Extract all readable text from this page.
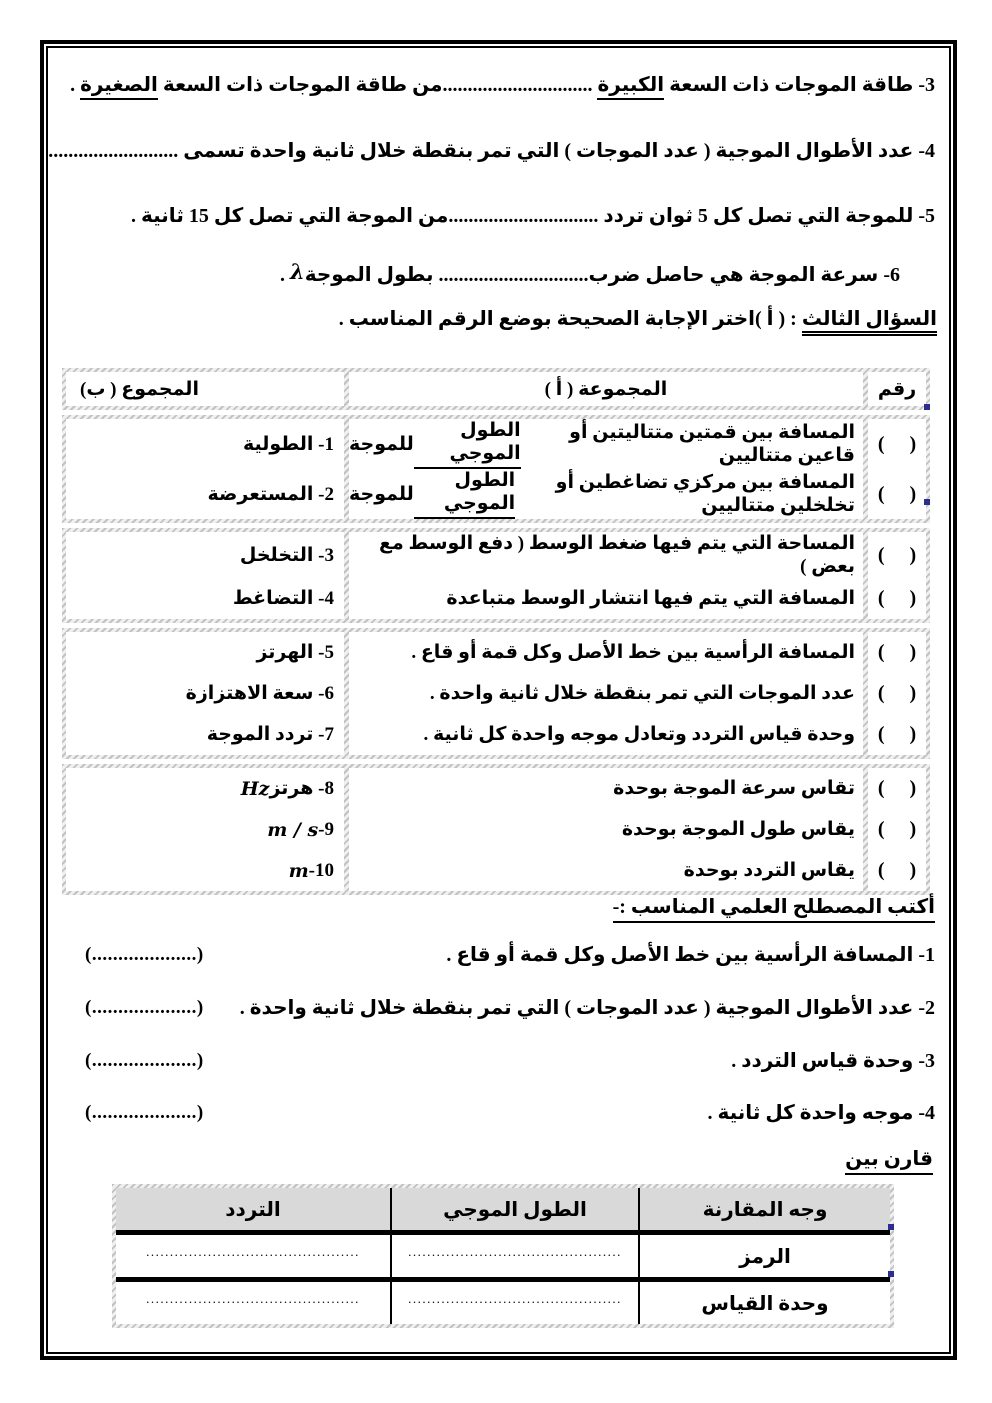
3- طاقة الموجات ذات السعة الكبيرة ..............................من طاقة الموجات ذات السعة الصغيرة .
4- عدد الأطوال الموجية ( عدد الموجات ) التي تمر بنقطة خلال ثانية واحدة تسمى ..........................
5- للموجة التي تصل كل 5 ثوان تردد ..............................من الموجة التي تصل كل 15 ثانية .
6- سرعة الموجة هي حاصل ضرب.............................. بطول الموجةλ .
السؤال الثالث : ( أ )اختر الإجابة الصحيحة بوضع الرقم المناسب .
رقم
المجموعة ( أ )
المجموع ( ب)
(     )
المسافة بين قمتين متتاليتين أو قاعين متتاليين
الطول الموجي
للموجة
1- الطولية
(     )
المسافة بين مركزي تضاغطين أو تخلخلين متتاليين
الطول الموجي
للموجة
2- المستعرضة
(     )
المساحة التي يتم فيها ضغط الوسط ( دفع الوسط مع بعض )
3- التخلخل
(     )
المسافة التي يتم فيها انتشار الوسط متباعدة
4- التضاغط
(     )
المسافة الرأسية بين خط الأصل وكل قمة أو قاع .
5- الهرتز
(     )
عدد الموجات التي تمر بنقطة خلال ثانية واحدة .
6- سعة الاهتزازة
(     )
وحدة قياس التردد وتعادل موجه واحدة كل ثانية .
7- تردد الموجة
(     )
تقاس سرعة الموجة بوحدة
8- هرتز
Hz
(     )
يقاس طول الموجة بوحدة
9-
m / s
(     )
يقاس التردد بوحدة
10-
m
أكتب المصطلح العلمي المناسب :-
1- المسافة الرأسية بين خط الأصل وكل قمة أو قاع .
(....................)
2- عدد الأطوال الموجية ( عدد الموجات ) التي تمر بنقطة خلال ثانية واحدة .
(....................)
3- وحدة قياس التردد .
(....................)
4- موجه واحدة كل ثانية .
(....................)
قارن بين
وجه المقارنة
الطول الموجي
التردد
الرمز
.............................................
.............................................
وحدة القياس
.............................................
.............................................
